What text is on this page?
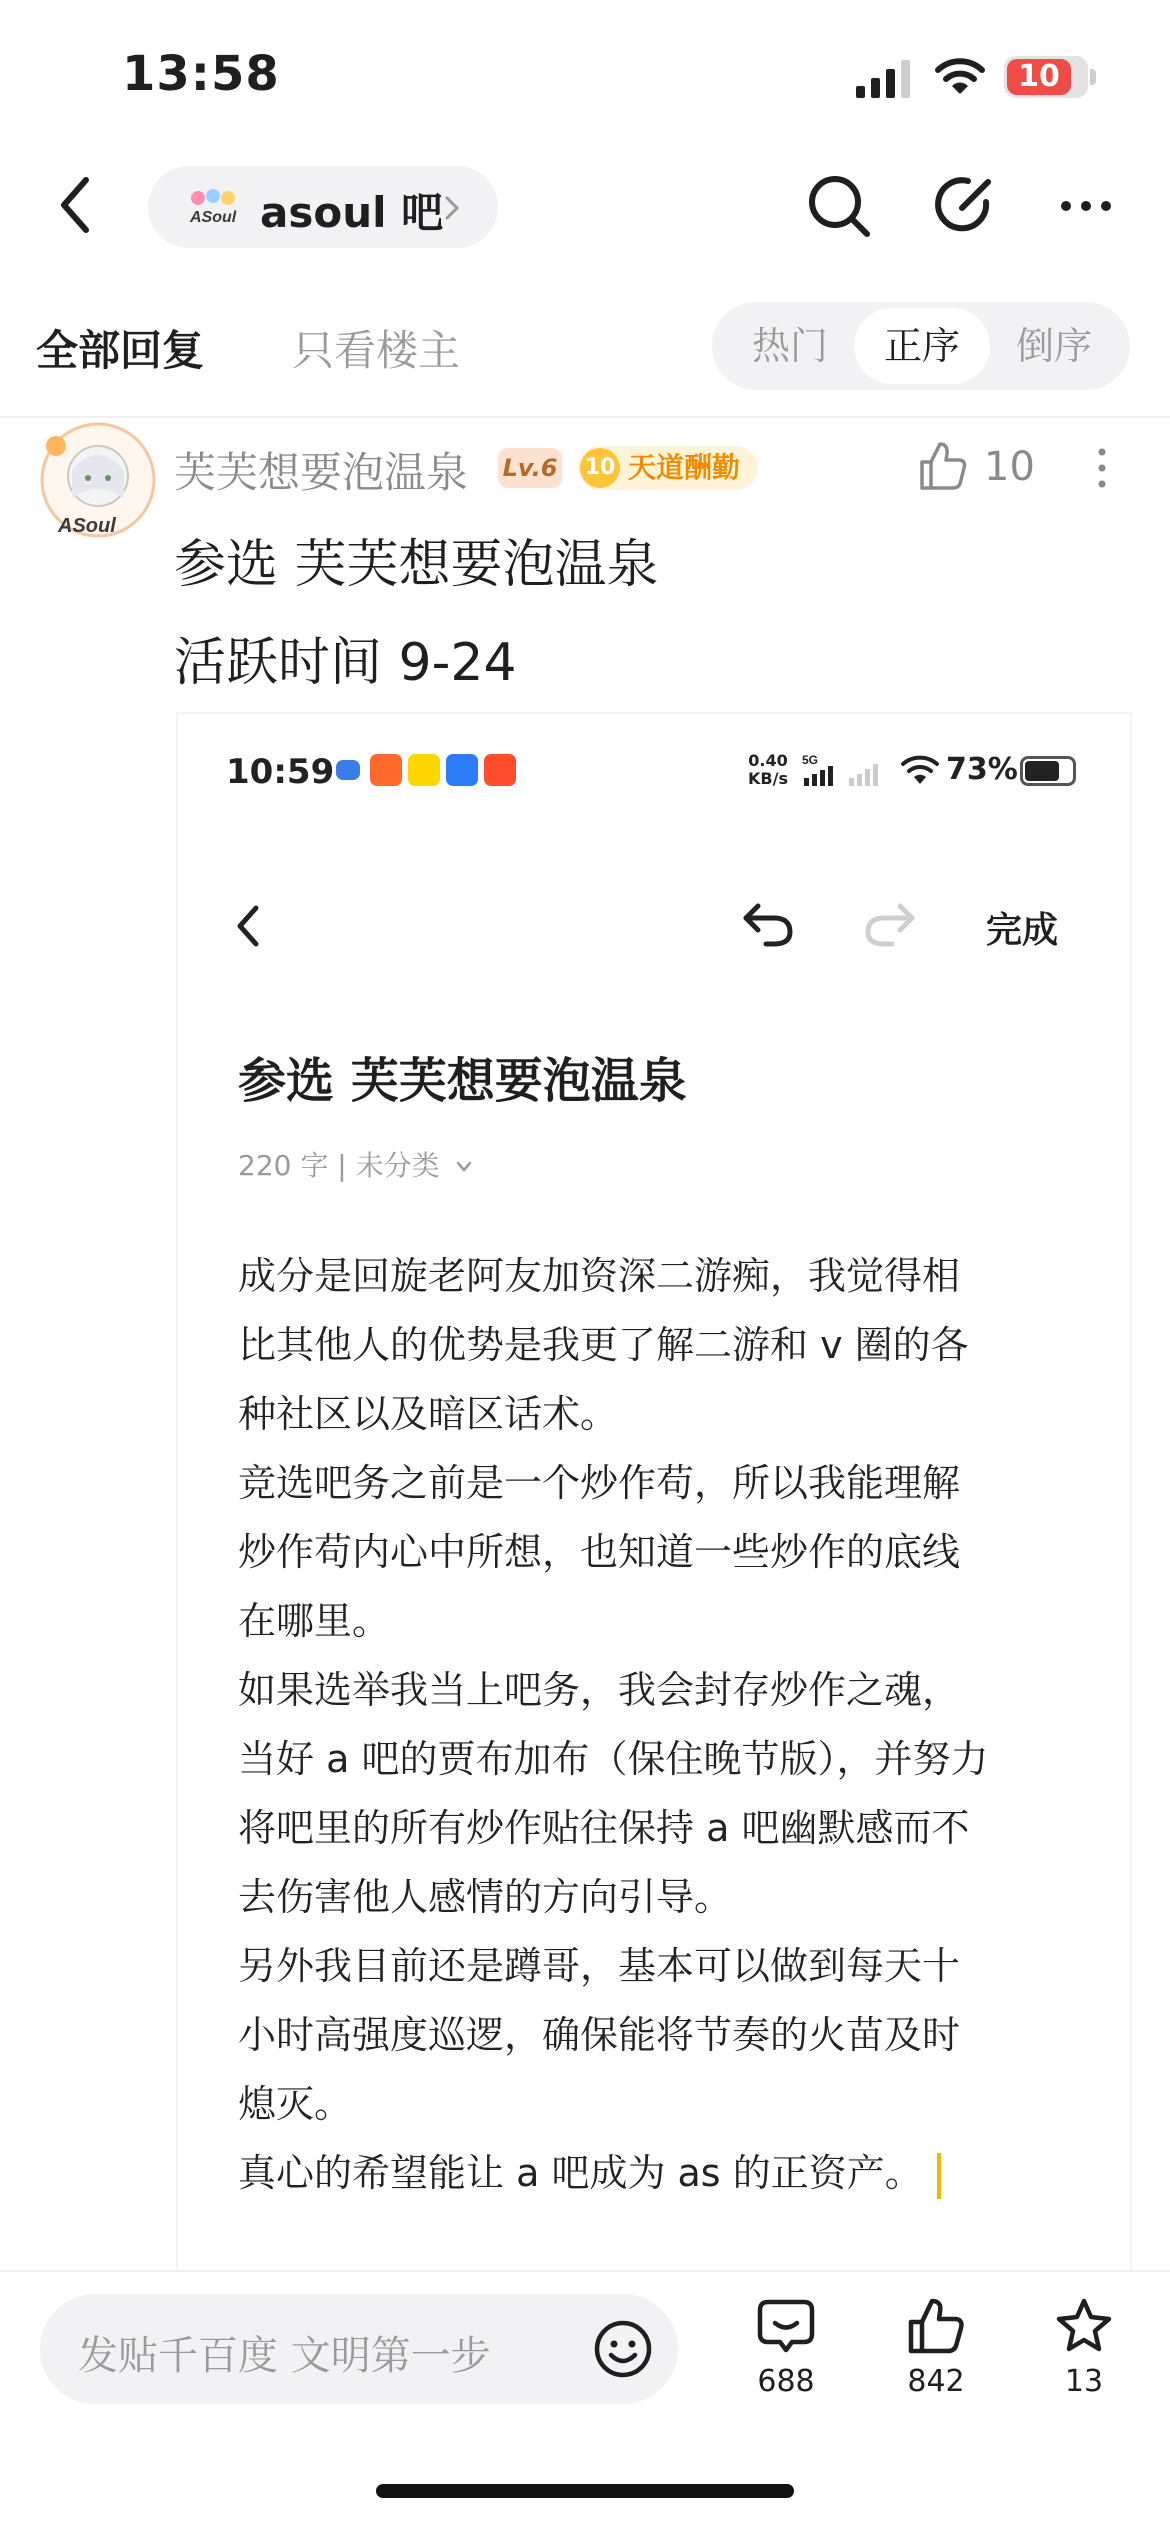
13:58	10
ASoul asoul 吧
全部回复 只看楼主	热门	正序	倒序
ASoul
芙芙想要泡温泉 Lv.6 10 天道酬勤	10
参选 芙芙想要泡温泉
活跃时间 9-24
10:59	0.40
KB/s
5G	73%
完成
参选 芙芙想要泡温泉
220 字 | 未分类
成分是回旋老阿友加资深二游痴，我觉得相
比其他人的优势是我更了解二游和 v 圈的各
种社区以及暗区话术。
竞选吧务之前是一个炒作苟，所以我能理解
炒作苟内心中所想，也知道一些炒作的底线
在哪里。
如果选举我当上吧务，我会封存炒作之魂，
当好 a 吧的贾布加布（保住晚节版），并努力
将吧里的所有炒作贴往保持 a 吧幽默感而不
去伤害他人感情的方向引导。
另外我目前还是蹲哥，基本可以做到每天十
小时高强度巡逻，确保能将节奏的火苗及时
熄灭。
真心的希望能让 a 吧成为 as 的正资产。
发贴千百度 文明第一步
688	842	13
